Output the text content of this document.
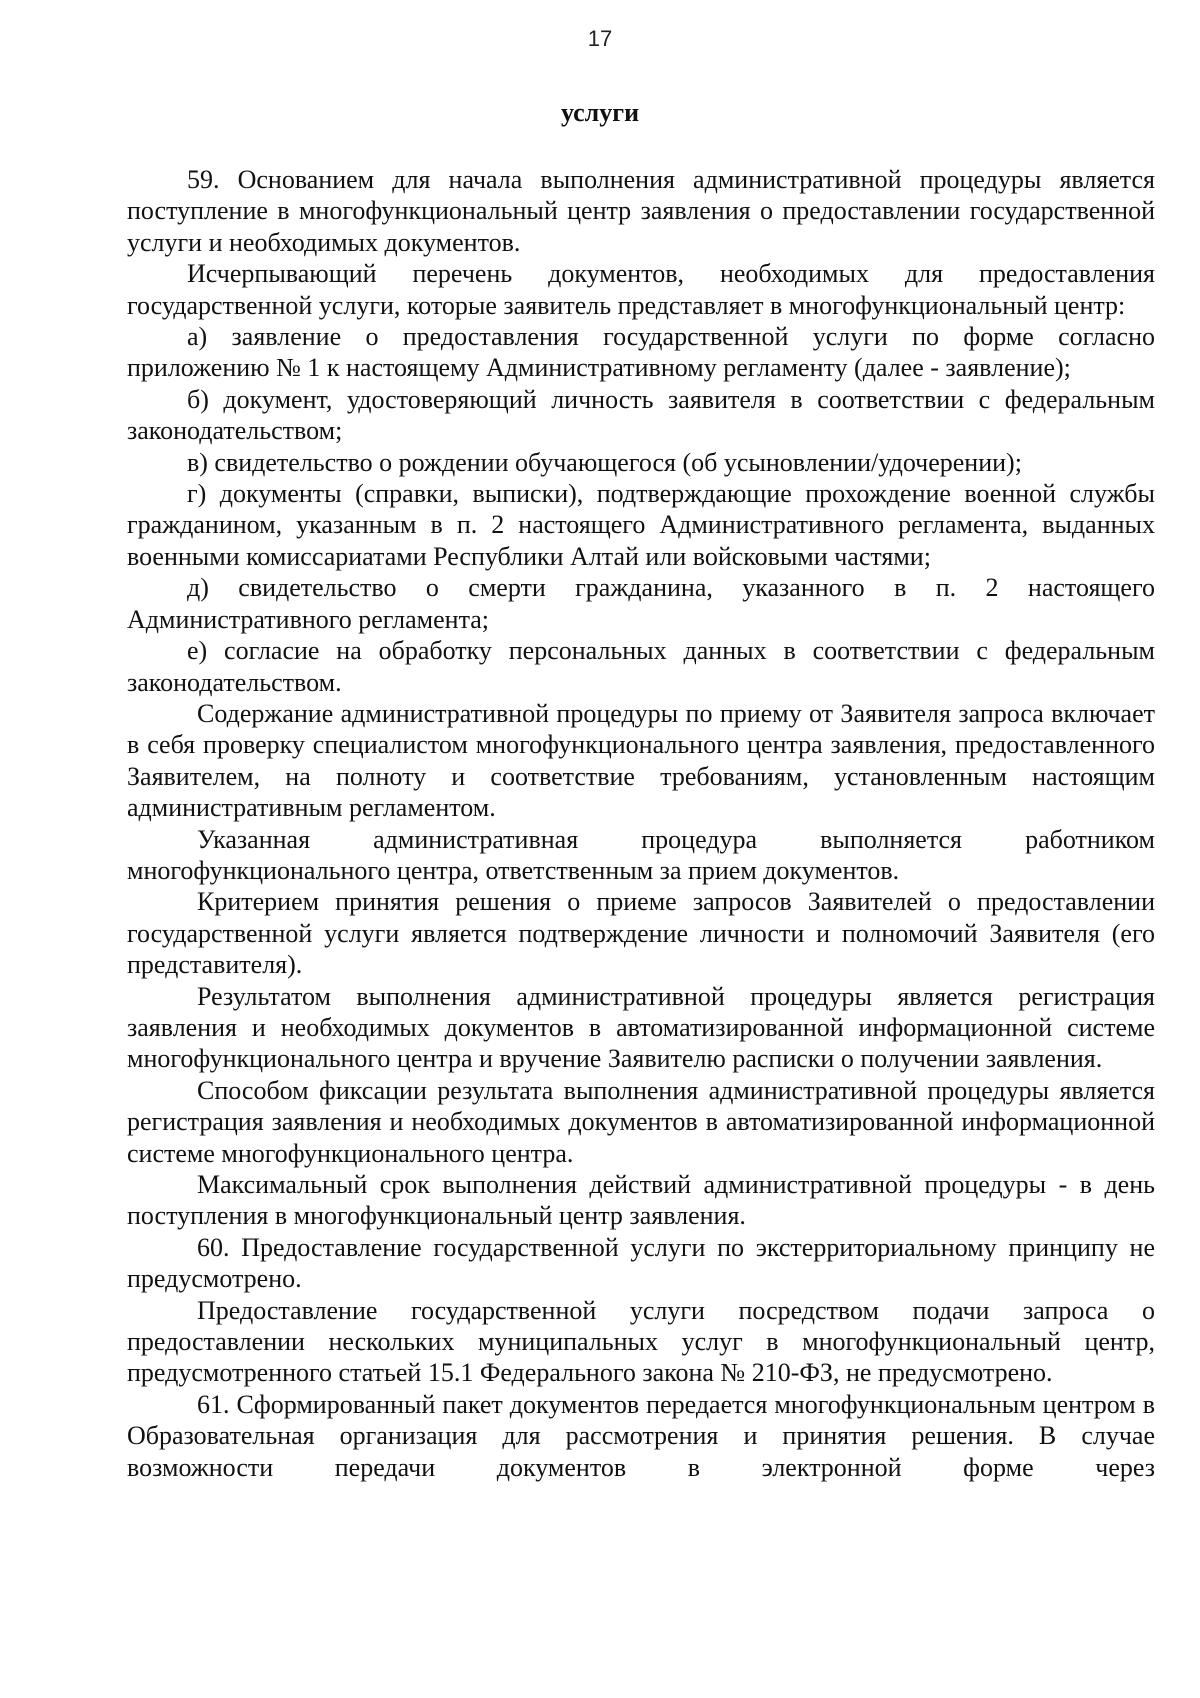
17
услуги

59. Основанием для начала выполнения административной процедуры является поступление в многофункциональный центр заявления о предоставлении государственной услуги и необходимых документов.

Исчерпывающий перечень документов, необходимых для предоставления государственной услуги, которые заявитель представляет в многофункциональный центр:

а) заявление о предоставления государственной услуги по форме согласно приложению № 1 к настоящему Административному регламенту (далее - заявление);

б) документ, удостоверяющий личность заявителя в соответствии с федеральным законодательством;

в) свидетельство о рождении обучающегося (об усыновлении/удочерении);

г) документы (справки, выписки), подтверждающие прохождение военной службы гражданином, указанным в п. 2 настоящего Административного регламента, выданных военными комиссариатами Республики Алтай или войсковыми частями;

д) свидетельство о смерти гражданина, указанного в п. 2 настоящего Административного регламента;

е) согласие на обработку персональных данных в соответствии с федеральным законодательством.

Содержание административной процедуры по приему от Заявителя запроса включает в себя проверку специалистом многофункционального центра заявления, предоставленного Заявителем, на полноту и соответствие требованиям, установленным настоящим административным регламентом.

Указанная административная процедура выполняется работником многофункционального центра, ответственным за прием документов.

Критерием принятия решения о приеме запросов Заявителей о предоставлении государственной услуги является подтверждение личности и полномочий Заявителя (его представителя).

Результатом выполнения административной процедуры является регистрация заявления и необходимых документов в автоматизированной информационной системе многофункционального центра и вручение Заявителю расписки о получении заявления.

Способом фиксации результата выполнения административной процедуры является регистрация заявления и необходимых документов в автоматизированной информационной системе многофункционального центра.

Максимальный срок выполнения действий административной процедуры - в день поступления в многофункциональный центр заявления.

60. Предоставление государственной услуги по экстерриториальному принципу не предусмотрено.

Предоставление государственной услуги посредством подачи запроса о предоставлении нескольких муниципальных услуг в многофункциональный центр, предусмотренного статьей 15.1 Федерального закона № 210-ФЗ, не предусмотрено.

61. Сформированный пакет документов передается многофункциональным центром в Образовательная организация для рассмотрения и принятия решения. В случае возможности передачи документов в электронной форме через
